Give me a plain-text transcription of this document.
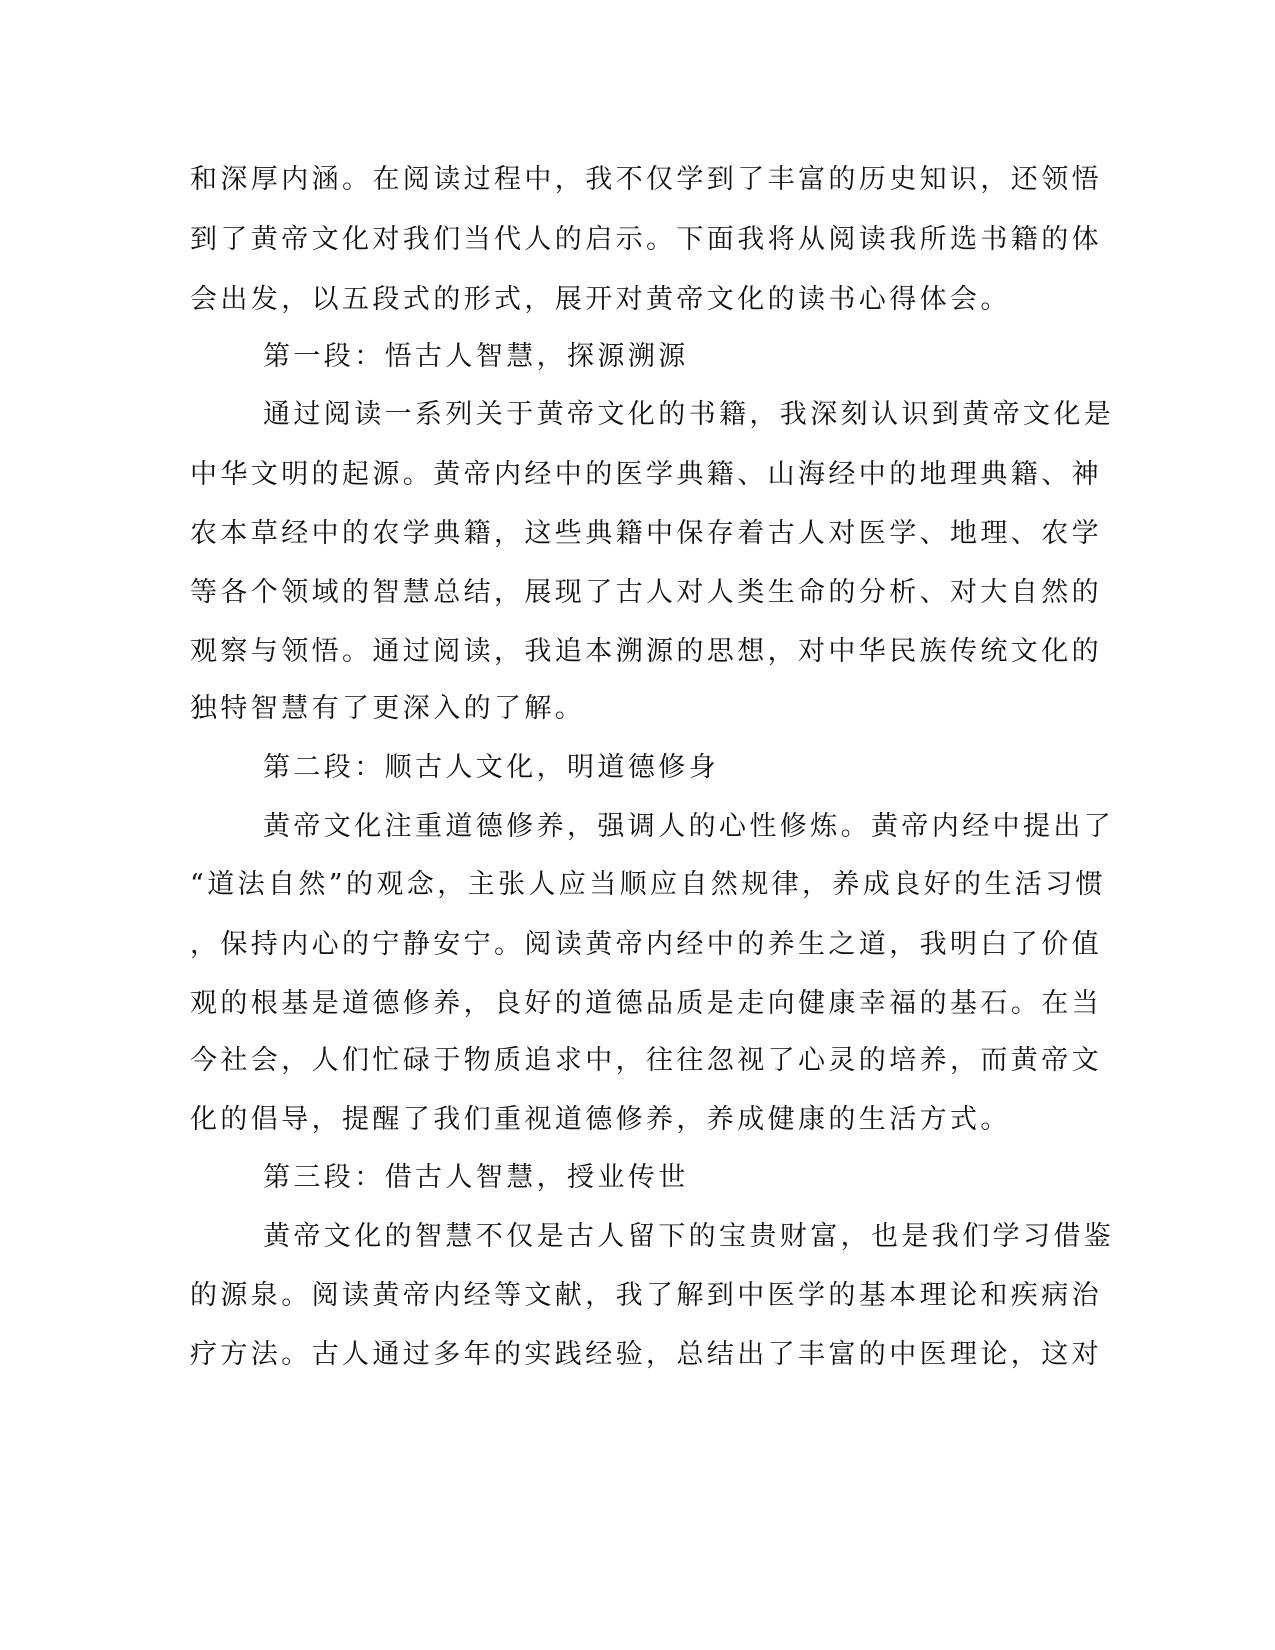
和深厚内涵。在阅读过程中，我不仅学到了丰富的历史知识，还领悟
到了黄帝文化对我们当代人的启示。下面我将从阅读我所选书籍的体
会出发，以五段式的形式，展开对黄帝文化的读书心得体会。
第一段：悟古人智慧，探源溯源
通过阅读一系列关于黄帝文化的书籍，我深刻认识到黄帝文化是
中华文明的起源。黄帝内经中的医学典籍、山海经中的地理典籍、神
农本草经中的农学典籍，这些典籍中保存着古人对医学、地理、农学
等各个领域的智慧总结，展现了古人对人类生命的分析、对大自然的
观察与领悟。通过阅读，我追本溯源的思想，对中华民族传统文化的
独特智慧有了更深入的了解。
第二段：顺古人文化，明道德修身
黄帝文化注重道德修养，强调人的心性修炼。黄帝内经中提出了
“道法自然”的观念，主张人应当顺应自然规律，养成良好的生活习惯
，保持内心的宁静安宁。阅读黄帝内经中的养生之道，我明白了价值
观的根基是道德修养，良好的道德品质是走向健康幸福的基石。在当
今社会，人们忙碌于物质追求中，往往忽视了心灵的培养，而黄帝文
化的倡导，提醒了我们重视道德修养，养成健康的生活方式。
第三段：借古人智慧，授业传世
黄帝文化的智慧不仅是古人留下的宝贵财富，也是我们学习借鉴
的源泉。阅读黄帝内经等文献，我了解到中医学的基本理论和疾病治
疗方法。古人通过多年的实践经验，总结出了丰富的中医理论，这对
